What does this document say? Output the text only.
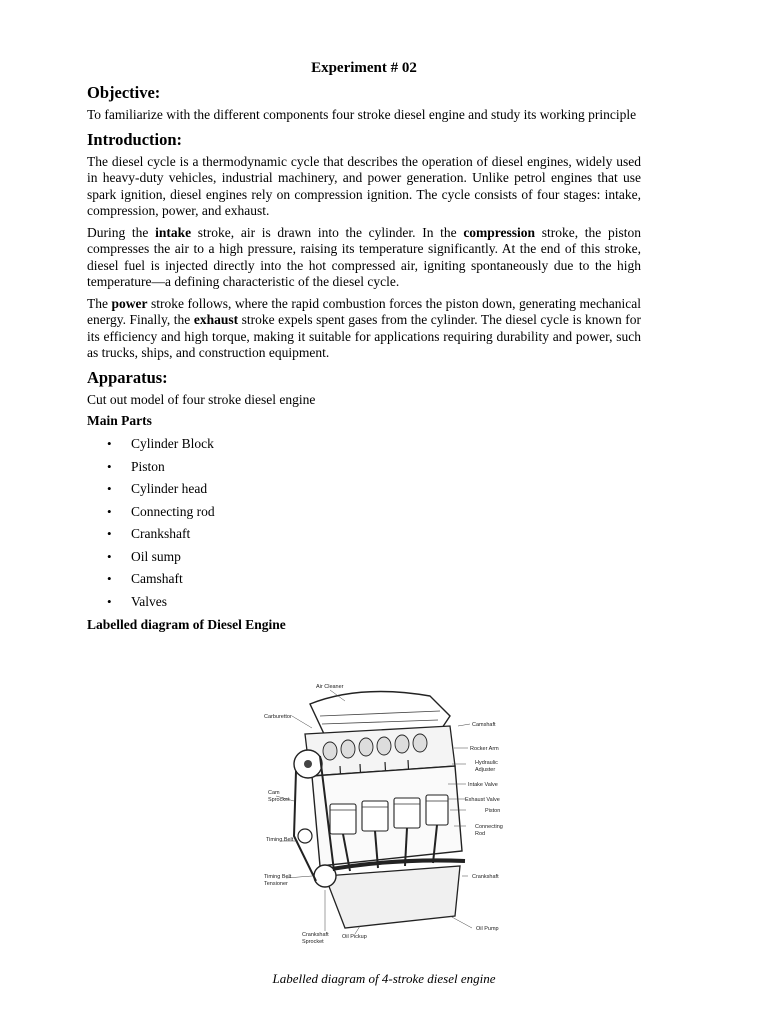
Experiment # 02
Objective:

To familiarize with the different components four stroke diesel engine and study its working principle

Introduction:

The diesel cycle is a thermodynamic cycle that describes the operation of diesel engines, widely used in heavy-duty vehicles, industrial machinery, and power generation. Unlike petrol engines that use spark ignition, diesel engines rely on compression ignition. The cycle consists of four stages: intake, compression, power, and exhaust.

During the intake stroke, air is drawn into the cylinder. In the compression stroke, the piston compresses the air to a high pressure, raising its temperature significantly. At the end of this stroke, diesel fuel is injected directly into the hot compressed air, igniting spontaneously due to the high temperature—a defining characteristic of the diesel cycle.

The power stroke follows, where the rapid combustion forces the piston down, generating mechanical energy. Finally, the exhaust stroke expels spent gases from the cylinder. The diesel cycle is known for its efficiency and high torque, making it suitable for applications requiring durability and power, such as trucks, ships, and construction equipment.

Apparatus:

Cut out model of four stroke diesel engine

Main Parts
• Cylinder Block
• Piston
• Cylinder head
• Connecting rod
• Crankshaft
• Oil sump
• Camshaft
• Valves
Labelled diagram of Diesel Engine
Air Cleaner
Carburettor
Camshaft
Rocker Arm
Hydraulic
Adjuster
Intake Valve
Exhaust Valve
Piston
Connecting
Rod
Cam
Sprocket
Timing Belt
Timing Belt
Tensioner
Crankshaft
Crankshaft
Sprocket
Oil Pickup
Oil Pump
Labelled diagram of 4-stroke diesel engine
